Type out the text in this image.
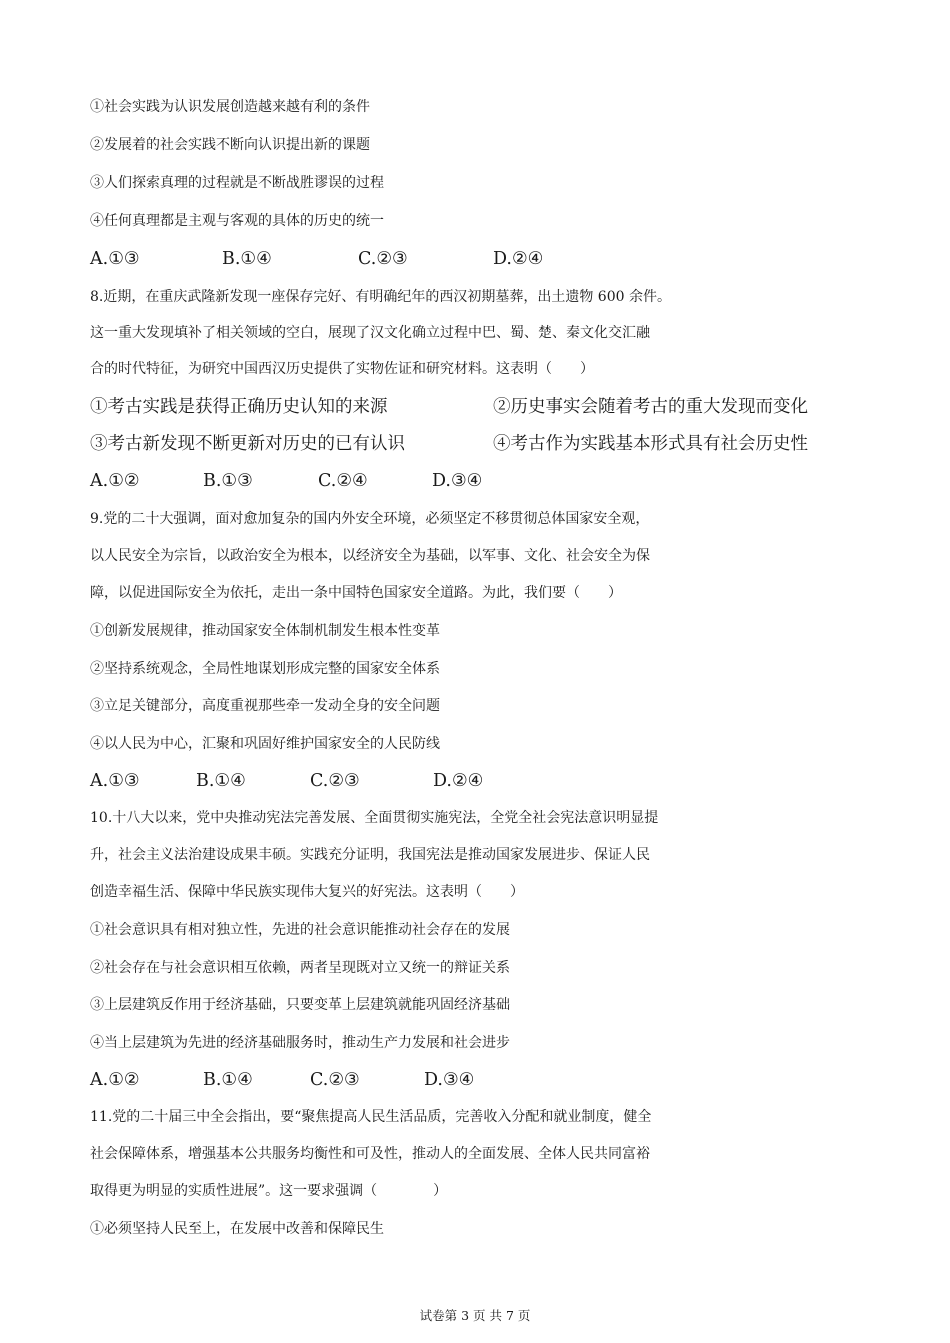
①社会实践为认识发展创造越来越有利的条件
②发展着的社会实践不断向认识提出新的课题
③人们探索真理的过程就是不断战胜谬误的过程
④任何真理都是主观与客观的具体的历史的统一
A.①③	B.①④	C.②③	D.②④
8.近期，在重庆武隆新发现一座保存完好、有明确纪年的西汉初期墓葬，出土遗物 600 余件。
这一重大发现填补了相关领域的空白，展现了汉文化确立过程中巴、蜀、楚、秦文化交汇融
合的时代特征，为研究中国西汉历史提供了实物佐证和研究材料。这表明（　　）
①考古实践是获得正确历史认知的来源	②历史事实会随着考古的重大发现而变化
③考古新发现不断更新对历史的已有认识	④考古作为实践基本形式具有社会历史性
A.①②	B.①③	C.②④	D.③④
9.党的二十大强调，面对愈加复杂的国内外安全环境，必须坚定不移贯彻总体国家安全观，
以人民安全为宗旨，以政治安全为根本，以经济安全为基础，以军事、文化、社会安全为保
障，以促进国际安全为依托，走出一条中国特色国家安全道路。为此，我们要（　　）
①创新发展规律，推动国家安全体制机制发生根本性变革
②坚持系统观念，全局性地谋划形成完整的国家安全体系
③立足关键部分，高度重视那些牵一发动全身的安全问题
④以人民为中心，汇聚和巩固好维护国家安全的人民防线
A.①③	B.①④	C.②③	D.②④
10.十八大以来，党中央推动宪法完善发展、全面贯彻实施宪法，全党全社会宪法意识明显提
升，社会主义法治建设成果丰硕。实践充分证明，我国宪法是推动国家发展进步、保证人民
创造幸福生活、保障中华民族实现伟大复兴的好宪法。这表明（　　）
①社会意识具有相对独立性，先进的社会意识能推动社会存在的发展
②社会存在与社会意识相互依赖，两者呈现既对立又统一的辩证关系
③上层建筑反作用于经济基础，只要变革上层建筑就能巩固经济基础
④当上层建筑为先进的经济基础服务时，推动生产力发展和社会进步
A.①②	B.①④	C.②③	D.③④
11.党的二十届三中全会指出，要“聚焦提高人民生活品质，完善收入分配和就业制度，健全
社会保障体系，增强基本公共服务均衡性和可及性，推动人的全面发展、全体人民共同富裕
取得更为明显的实质性进展”。这一要求强调（　　　　）
①必须坚持人民至上，在发展中改善和保障民生
试卷第 3 页 共 7 页
